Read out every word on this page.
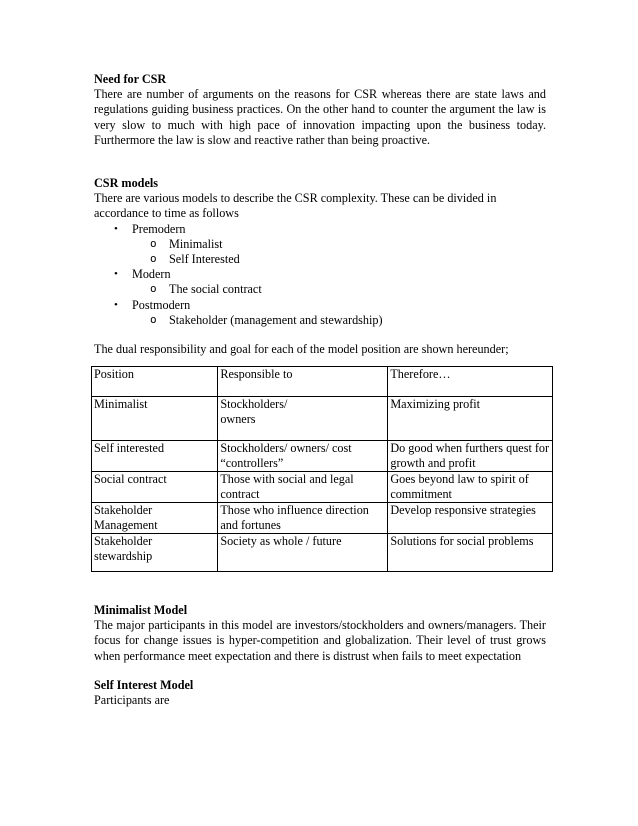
Need for CSR
There are number of arguments on the reasons for CSR whereas there are state laws and regulations guiding business practices. On the other hand to counter the argument the law is very slow to much with high pace of innovation impacting upon the business today. Furthermore the law is slow and reactive rather than being proactive.
CSR models
There are various models to describe the CSR complexity. These can be divided in accordance to time as follows
• Premodern
o Minimalist
o Self Interested
• Modern
o The social contract
• Postmodern
o Stakeholder (management and stewardship)
The dual responsibility and goal for each of the model position are shown hereunder;
Position	Responsible to	Therefore…
Minimalist	Stockholders/ owners	Maximizing profit
Self interested	Stockholders/ owners/ cost “controllers”	Do good when furthers quest for growth and profit
Social contract	Those with social and legal contract	Goes beyond law to spirit of commitment
Stakeholder Management	Those who influence direction and fortunes	Develop responsive strategies
Stakeholder stewardship	Society as whole / future	Solutions for social problems
Minimalist Model
The major participants in this model are investors/stockholders and owners/managers. Their focus for change issues is hyper-competition and globalization. Their level of trust grows when performance meet expectation and there is distrust when fails to meet expectation
Self Interest Model
Participants are
